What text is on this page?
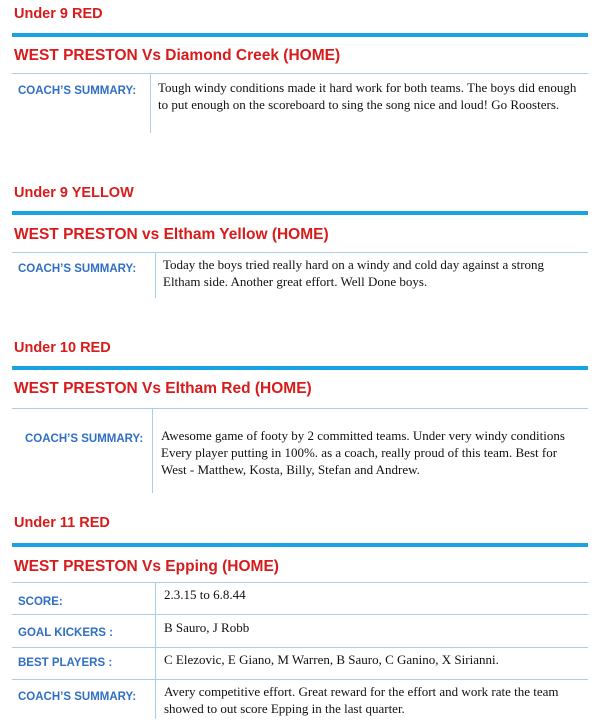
Under 9 RED
WEST PRESTON Vs Diamond Creek (HOME)
COACH’S SUMMARY: Tough windy conditions made it hard work for both teams. The boys did enough to put enough on the scoreboard to sing the song nice and loud! Go Roosters.
Under 9 YELLOW
WEST PRESTON vs Eltham Yellow (HOME)
COACH’S SUMMARY: Today the boys tried really hard on a windy and cold day against a strong Eltham side. Another great effort. Well Done boys.
Under 10 RED
WEST PRESTON Vs Eltham Red (HOME)
COACH’S SUMMARY: Awesome game of footy by 2 committed teams. Under very windy conditions Every player putting in 100%. as a coach, really proud of this team. Best for West - Matthew, Kosta, Billy, Stefan and Andrew.
Under 11 RED
WEST PRESTON Vs Epping (HOME)
SCORE:	2.3.15 to 6.8.44
GOAL KICKERS :	B Sauro, J Robb
BEST PLAYERS :	C Elezovic, E Giano, M Warren, B Sauro, C Ganino, X Sirianni.
COACH’S SUMMARY: Avery competitive effort. Great reward for the effort and work rate the team showed to out score Epping in the last quarter.
